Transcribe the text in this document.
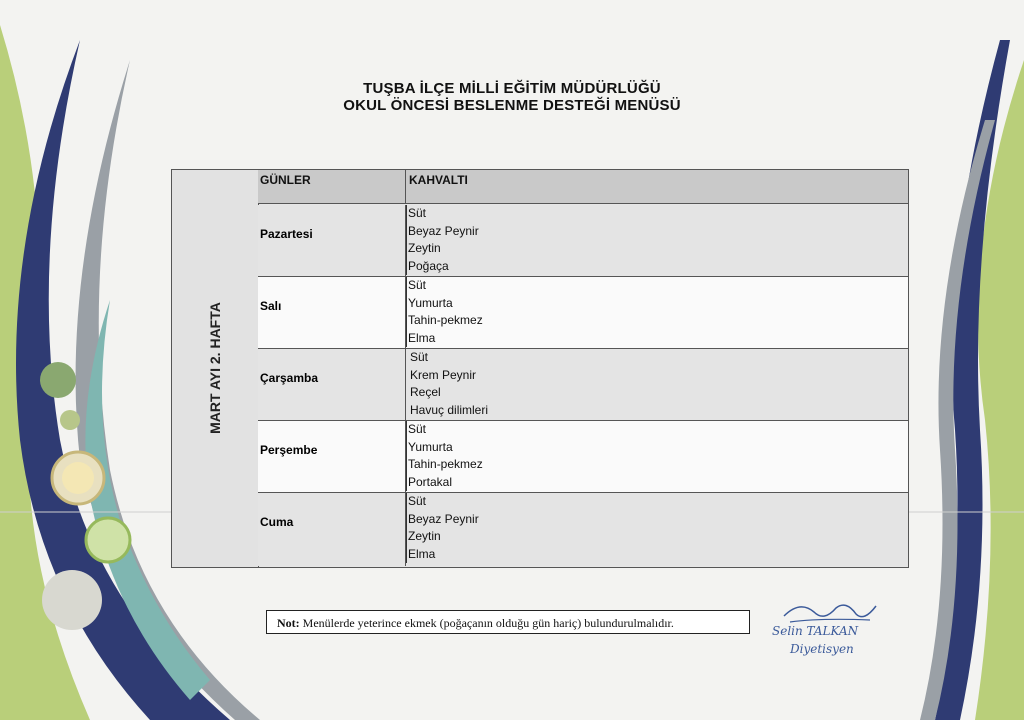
TUŞBA İLÇE MİLLİ EĞİTİM MÜDÜRLÜĞÜ
OKUL ÖNCESİ BESLENME DESTEĞİ MENÜSÜ
MART AYI 2. HAFTA
GÜNLER	KAHVALTI
Pazartesi
Süt
Beyaz Peynir
Zeytin
Poğaça
Salı
Süt
Yumurta
Tahin-pekmez
Elma
Çarşamba
Süt
Krem Peynir
Reçel
Havuç dilimleri
Perşembe
Süt
Yumurta
Tahin-pekmez
Portakal
Cuma
Süt
Beyaz Peynir
Zeytin
Elma
Not: Menülerde yeterince ekmek (poğaçanın olduğu gün hariç) bulundurulmalıdır.
Selin TALKAN
Diyetisyen
